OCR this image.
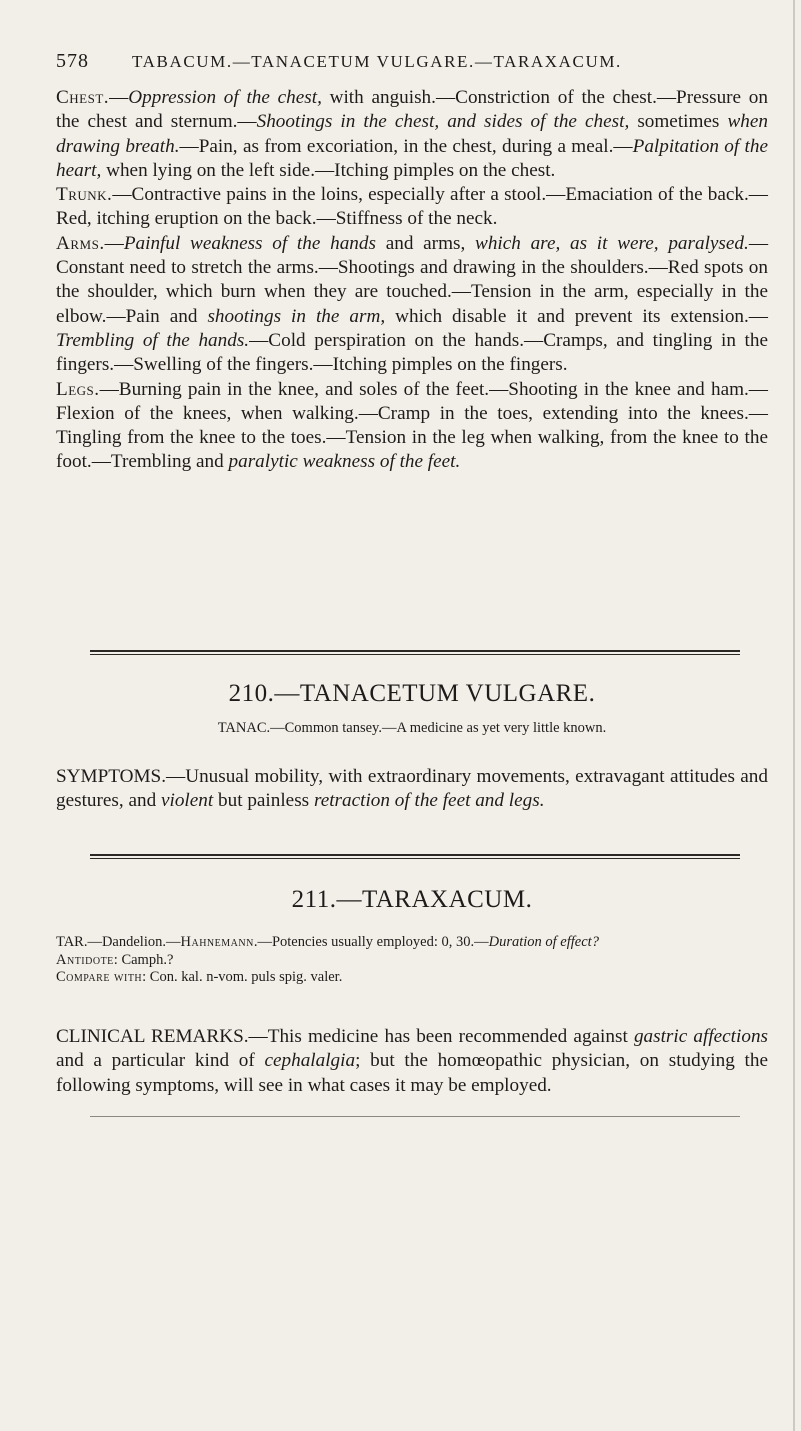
578	TABACUM.—TANACETUM VULGARE.—TARAXACUM.

Chest.—Oppression of the chest, with anguish.—Constriction of the chest.—Pressure on the chest and sternum.—Shootings in the chest, and sides of the chest, sometimes when drawing breath.—Pain, as from excoriation, in the chest, during a meal.—Palpitation of the heart, when lying on the left side.—Itching pimples on the chest.

Trunk.—Contractive pains in the loins, especially after a stool.—Emaciation of the back.—Red, itching eruption on the back.—Stiffness of the neck.

Arms.—Painful weakness of the hands and arms, which are, as it were, paralysed.—Constant need to stretch the arms.—Shootings and drawing in the shoulders.—Red spots on the shoulder, which burn when they are touched.—Tension in the arm, especially in the elbow.—Pain and shootings in the arm, which disable it and prevent its extension.—Trembling of the hands.—Cold perspiration on the hands.—Cramps, and tingling in the fingers.—Swelling of the fingers.—Itching pimples on the fingers.

Legs.—Burning pain in the knee, and soles of the feet.—Shooting in the knee and ham.—Flexion of the knees, when walking.—Cramp in the toes, extending into the knees.—Tingling from the knee to the toes.—Tension in the leg when walking, from the knee to the foot.—Trembling and paralytic weakness of the feet.

210.—TANACETUM VULGARE.
TANAC.—Common tansey.—A medicine as yet very little known.
SYMPTOMS.—Unusual mobility, with extraordinary movements, extravagant attitudes and gestures, and violent but painless retraction of the feet and legs.
211.—TARAXACUM.

TAR.—Dandelion.—Hahnemann.—Potencies usually employed: 0, 30.—Duration of effect?

Antidote: Camph.?

Compare with: Con. kal. n-vom. puls spig. valer.

CLINICAL REMARKS.—This medicine has been recommended against gastric affections and a particular kind of cephalalgia; but the homœopathic physician, on studying the following symptoms, will see in what cases it may be employed.
